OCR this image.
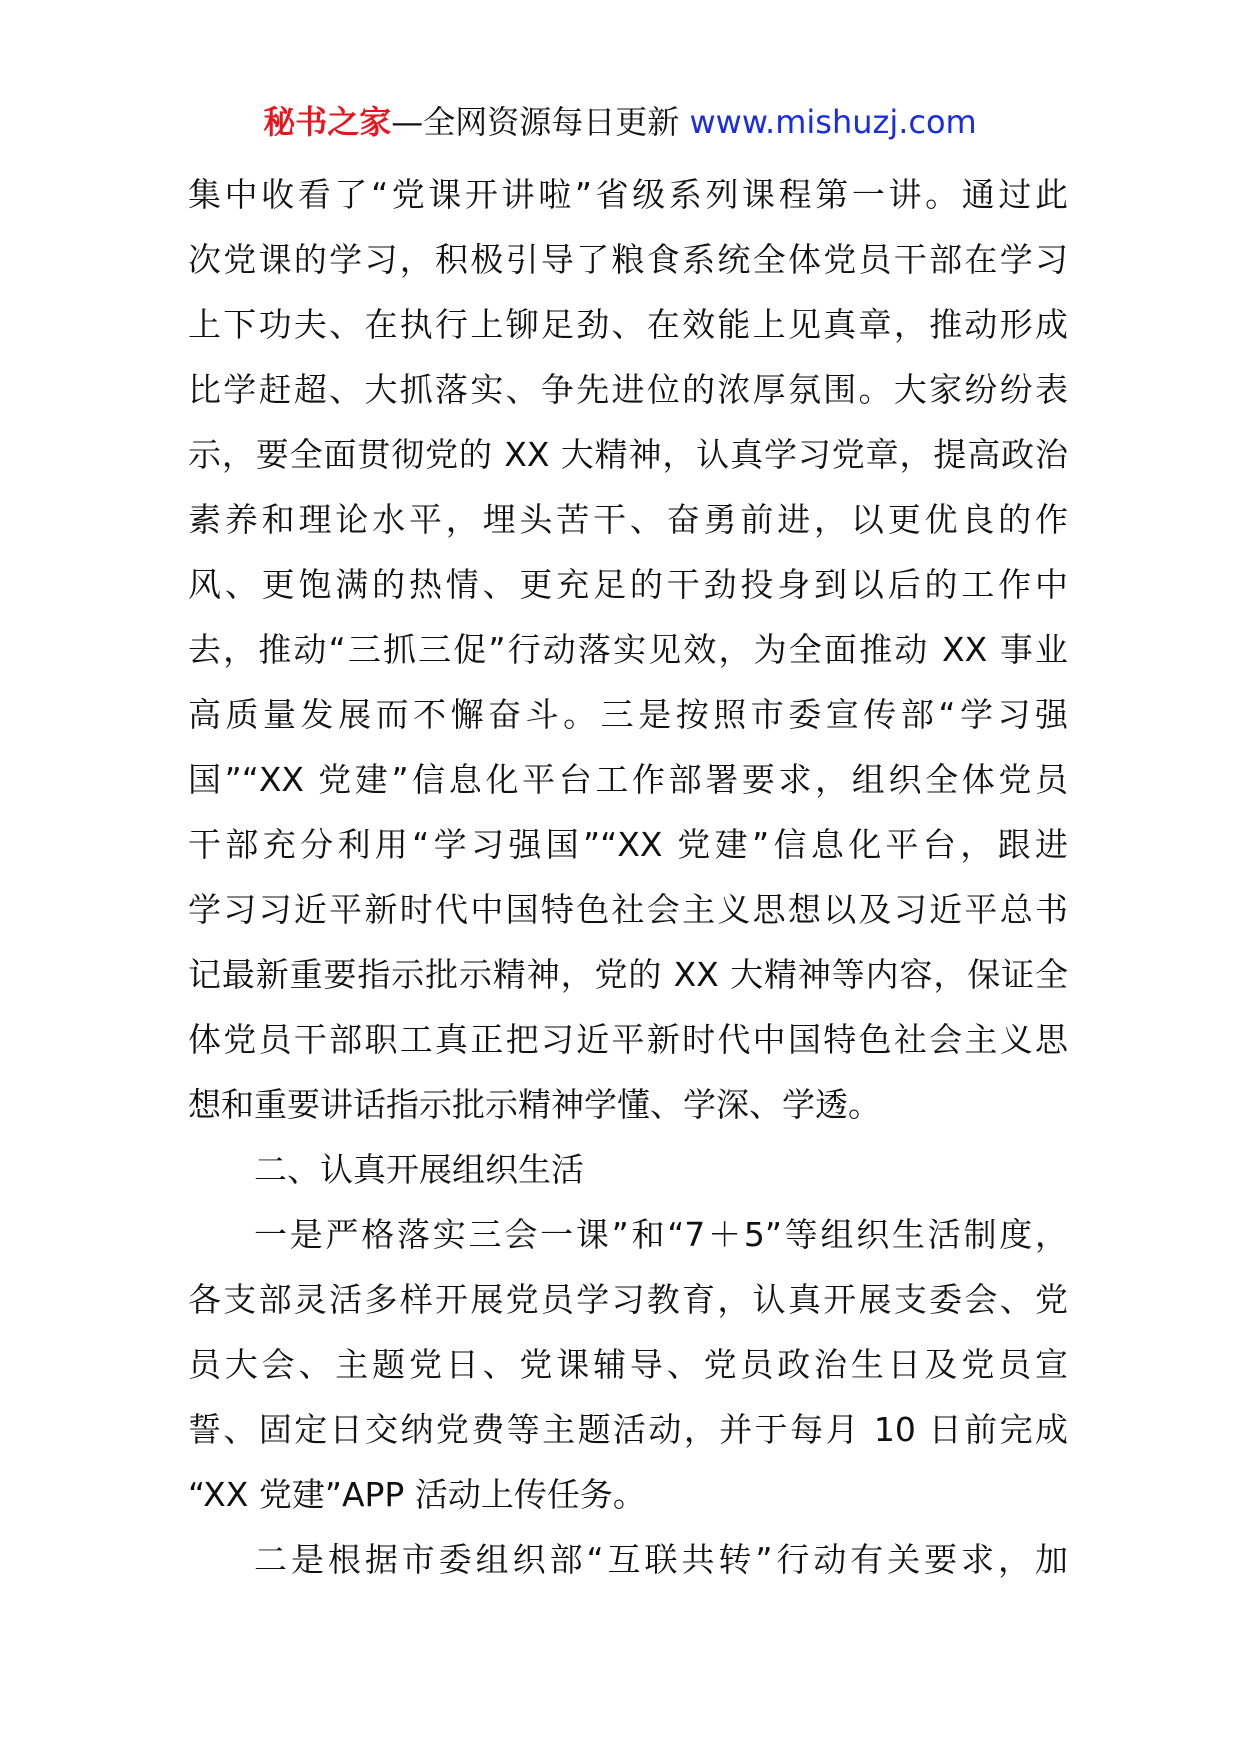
秘书之家—全网资源每日更新 www.mishuzj.com
集中收看了“党课开讲啦”省级系列课程第一讲。通过此
次党课的学习，积极引导了粮食系统全体党员干部在学习
上下功夫、在执行上铆足劲、在效能上见真章，推动形成
比学赶超、大抓落实、争先进位的浓厚氛围。大家纷纷表
示，要全面贯彻党的 XX 大精神，认真学习党章，提高政治
素养和理论水平，埋头苦干、奋勇前进，以更优良的作
风、更饱满的热情、更充足的干劲投身到以后的工作中
去，推动“三抓三促”行动落实见效，为全面推动 XX 事业
高质量发展而不懈奋斗。三是按照市委宣传部“学习强
国”“XX 党建”信息化平台工作部署要求，组织全体党员
干部充分利用“学习强国”“XX 党建”信息化平台，跟进
学习习近平新时代中国特色社会主义思想以及习近平总书
记最新重要指示批示精神，党的 XX 大精神等内容，保证全
体党员干部职工真正把习近平新时代中国特色社会主义思
想和重要讲话指示批示精神学懂、学深、学透。
二、认真开展组织生活
一是严格落实三会一课”和“7＋5”等组织生活制度，
各支部灵活多样开展党员学习教育，认真开展支委会、党
员大会、主题党日、党课辅导、党员政治生日及党员宣
誓、固定日交纳党费等主题活动，并于每月 10 日前完成
“XX 党建”APP 活动上传任务。
二是根据市委组织部“互联共转”行动有关要求，加
